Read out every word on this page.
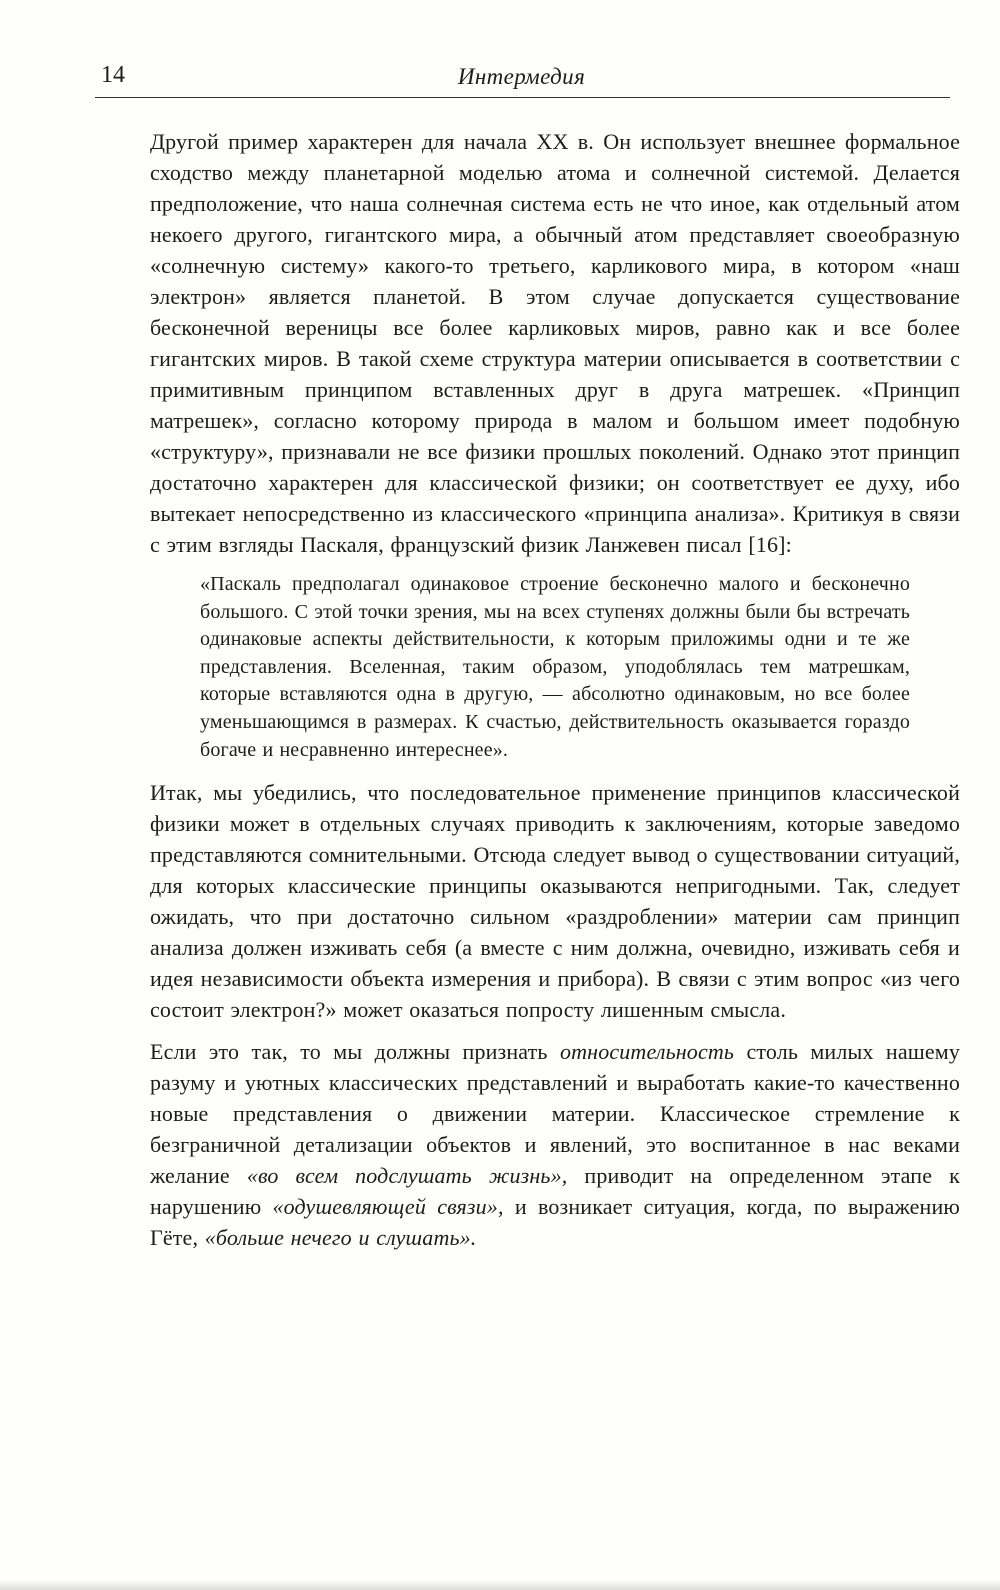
14	Интермедия

Другой пример характерен для начала XX в. Он использует внешнее формальное сходство между планетарной моделью атома и солнечной системой. Делается предположение, что наша солнечная система есть не что иное, как отдельный атом некоего другого, гигантского мира, а обычный атом представляет своеобразную «солнечную систему» какого-то третьего, карликового мира, в котором «наш электрон» является планетой. В этом случае допускается существование бесконечной вереницы все более карликовых миров, равно как и все более гигантских миров. В такой схеме структура материи описывается в соответствии с примитивным принципом вставленных друг в друга матрешек. «Принцип матрешек», согласно которому природа в малом и большом имеет подобную «структуру», признавали не все физики прошлых поколений. Однако этот принцип достаточно характерен для классической физики; он соответствует ее духу, ибо вытекает непосредственно из классического «принципа анализа». Критикуя в связи с этим взгляды Паскаля, французский физик Ланжевен писал [16]:

«Паскаль предполагал одинаковое строение бесконечно малого и бесконечно большого. С этой точки зрения, мы на всех ступенях должны были бы встречать одинаковые аспекты действительности, к которым приложимы одни и те же представления. Вселенная, таким образом, уподоблялась тем матрешкам, которые вставляются одна в другую, — абсолютно одинаковым, но все более уменьшающимся в размерах. К счастью, действительность оказывается гораздо богаче и несравненно интереснее».

Итак, мы убедились, что последовательное применение принципов классической физики может в отдельных случаях приводить к заключениям, которые заведомо представляются сомнительными. Отсюда следует вывод о существовании ситуаций, для которых классические принципы оказываются непригодными. Так, следует ожидать, что при достаточно сильном «раздроблении» материи сам принцип анализа должен изживать себя (а вместе с ним должна, очевидно, изживать себя и идея независимости объекта измерения и прибора). В связи с этим вопрос «из чего состоит электрон?» может оказаться попросту лишенным смысла.

Если это так, то мы должны признать относительность столь милых нашему разуму и уютных классических представлений и выработать какие-то качественно новые представления о движении материи. Классическое стремление к безграничной детализации объектов и явлений, это воспитанное в нас веками желание «во всем подслушать жизнь», приводит на определенном этапе к нарушению «одушевляющей связи», и возникает ситуация, когда, по выражению Гёте, «больше нечего и слушать».
